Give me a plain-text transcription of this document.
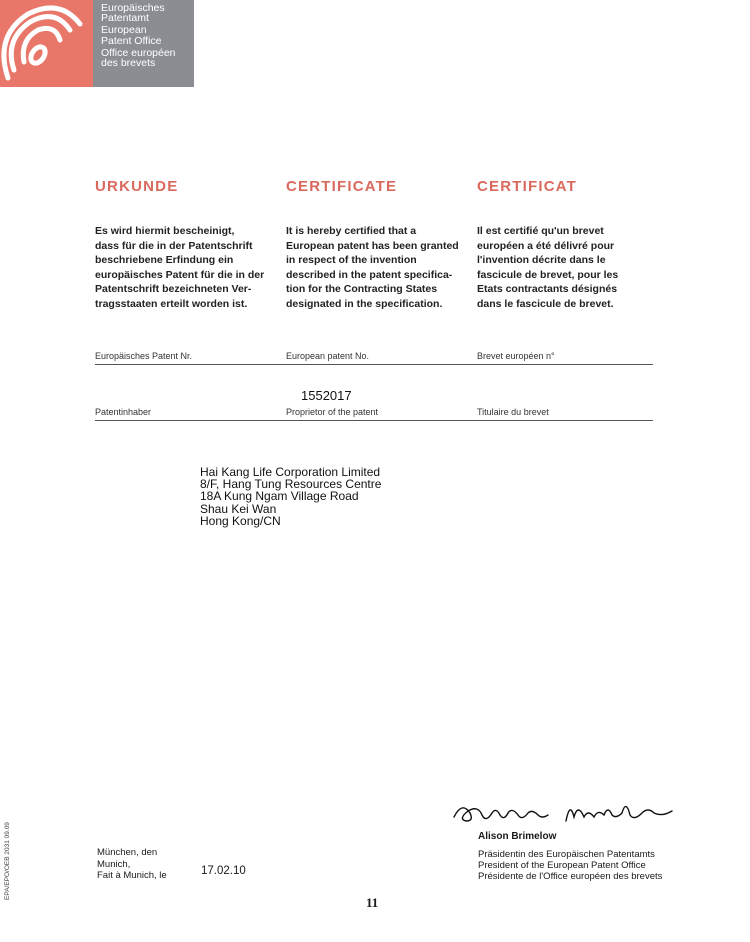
Europäisches
Patentamt
European
Patent Office
Office européen
des brevets
URKUNDE	CERTIFICATE	CERTIFICAT
Es wird hiermit bescheinigt,
dass für die in der Patentschrift
beschriebene Erfindung ein
europäisches Patent für die in der
Patentschrift bezeichneten Ver-
tragsstaaten erteilt worden ist.
It is hereby certified that a
European patent has been granted
in respect of the invention
described in the patent specifica-
tion for the Contracting States
designated in the specification.
Il est certifié qu'un brevet
européen a été délivré pour
l'invention décrite dans le
fascicule de brevet, pour les
Etats contractants désignés
dans le fascicule de brevet.
Europäisches Patent Nr.	European patent No.	Brevet européen n°
1552017
Patentinhaber	Proprietor of the patent	Titulaire du brevet
Hai Kang Life Corporation Limited
8/F, Hang Tung Resources Centre
18A Kung Ngam Village Road
Shau Kei Wan
Hong Kong/CN
Alison Brimelow
Präsidentin des Europäischen Patentamts
President of the European Patent Office
Présidente de l'Office européen des brevets
München, den
Munich,
Fait à Munich, le	17.02.10
11
EPA/EPO/OEB 2031 09.09
